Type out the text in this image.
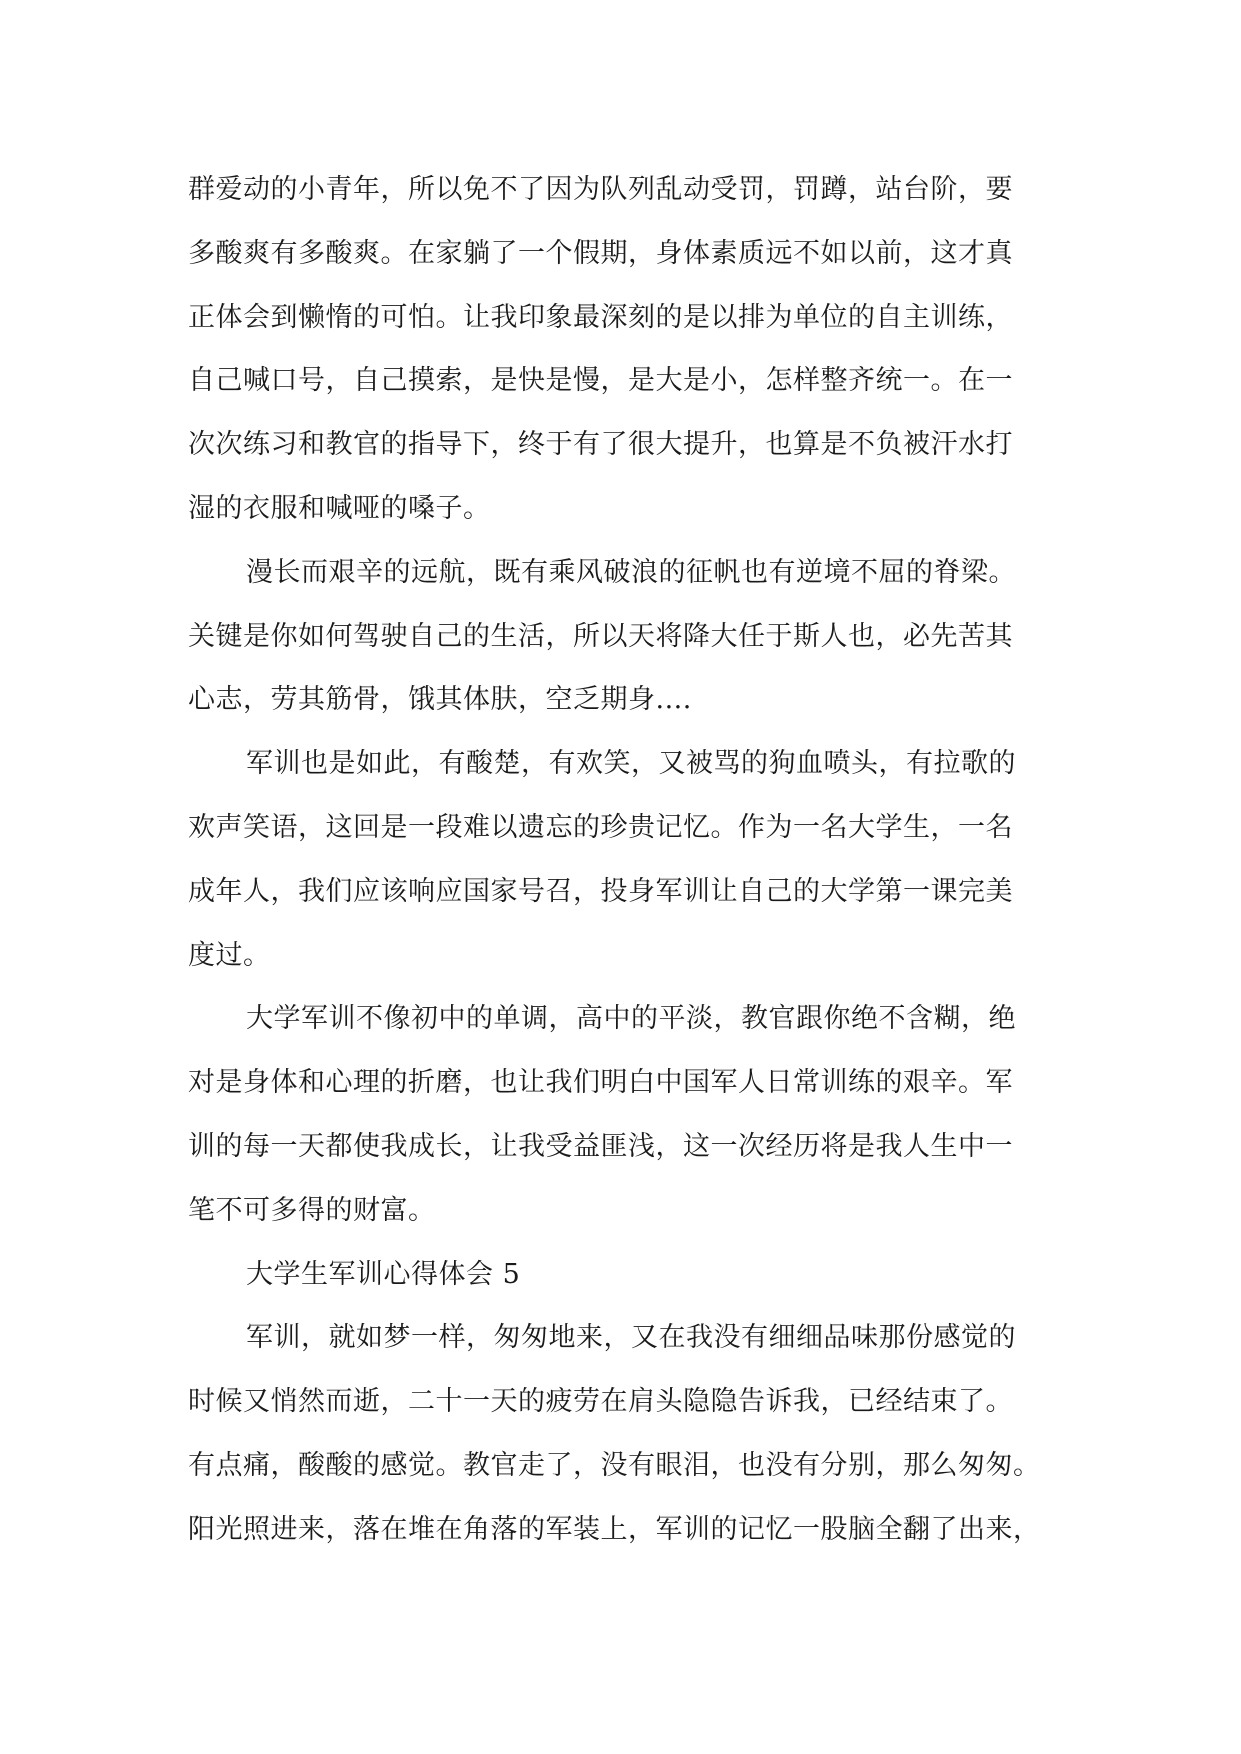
群爱动的小青年，所以免不了因为队列乱动受罚，罚蹲，站台阶，要
多酸爽有多酸爽。在家躺了一个假期，身体素质远不如以前，这才真
正体会到懒惰的可怕。让我印象最深刻的是以排为单位的自主训练，
自己喊口号，自己摸索，是快是慢，是大是小，怎样整齐统一。在一
次次练习和教官的指导下，终于有了很大提升，也算是不负被汗水打
湿的衣服和喊哑的嗓子。
漫长而艰辛的远航，既有乘风破浪的征帆也有逆境不屈的脊梁。
关键是你如何驾驶自己的生活，所以天将降大任于斯人也，必先苦其
心志，劳其筋骨，饿其体肤，空乏期身....
军训也是如此，有酸楚，有欢笑，又被骂的狗血喷头，有拉歌的
欢声笑语，这回是一段难以遗忘的珍贵记忆。作为一名大学生，一名
成年人，我们应该响应国家号召，投身军训让自己的大学第一课完美
度过。
大学军训不像初中的单调，高中的平淡，教官跟你绝不含糊，绝
对是身体和心理的折磨，也让我们明白中国军人日常训练的艰辛。军
训的每一天都使我成长，让我受益匪浅，这一次经历将是我人生中一
笔不可多得的财富。
大学生军训心得体会 5
军训，就如梦一样，匆匆地来，又在我没有细细品味那份感觉的
时候又悄然而逝，二十一天的疲劳在肩头隐隐告诉我，已经结束了。
有点痛，酸酸的感觉。教官走了，没有眼泪，也没有分别，那么匆匆。
阳光照进来，落在堆在角落的军装上，军训的记忆一股脑全翻了出来，
